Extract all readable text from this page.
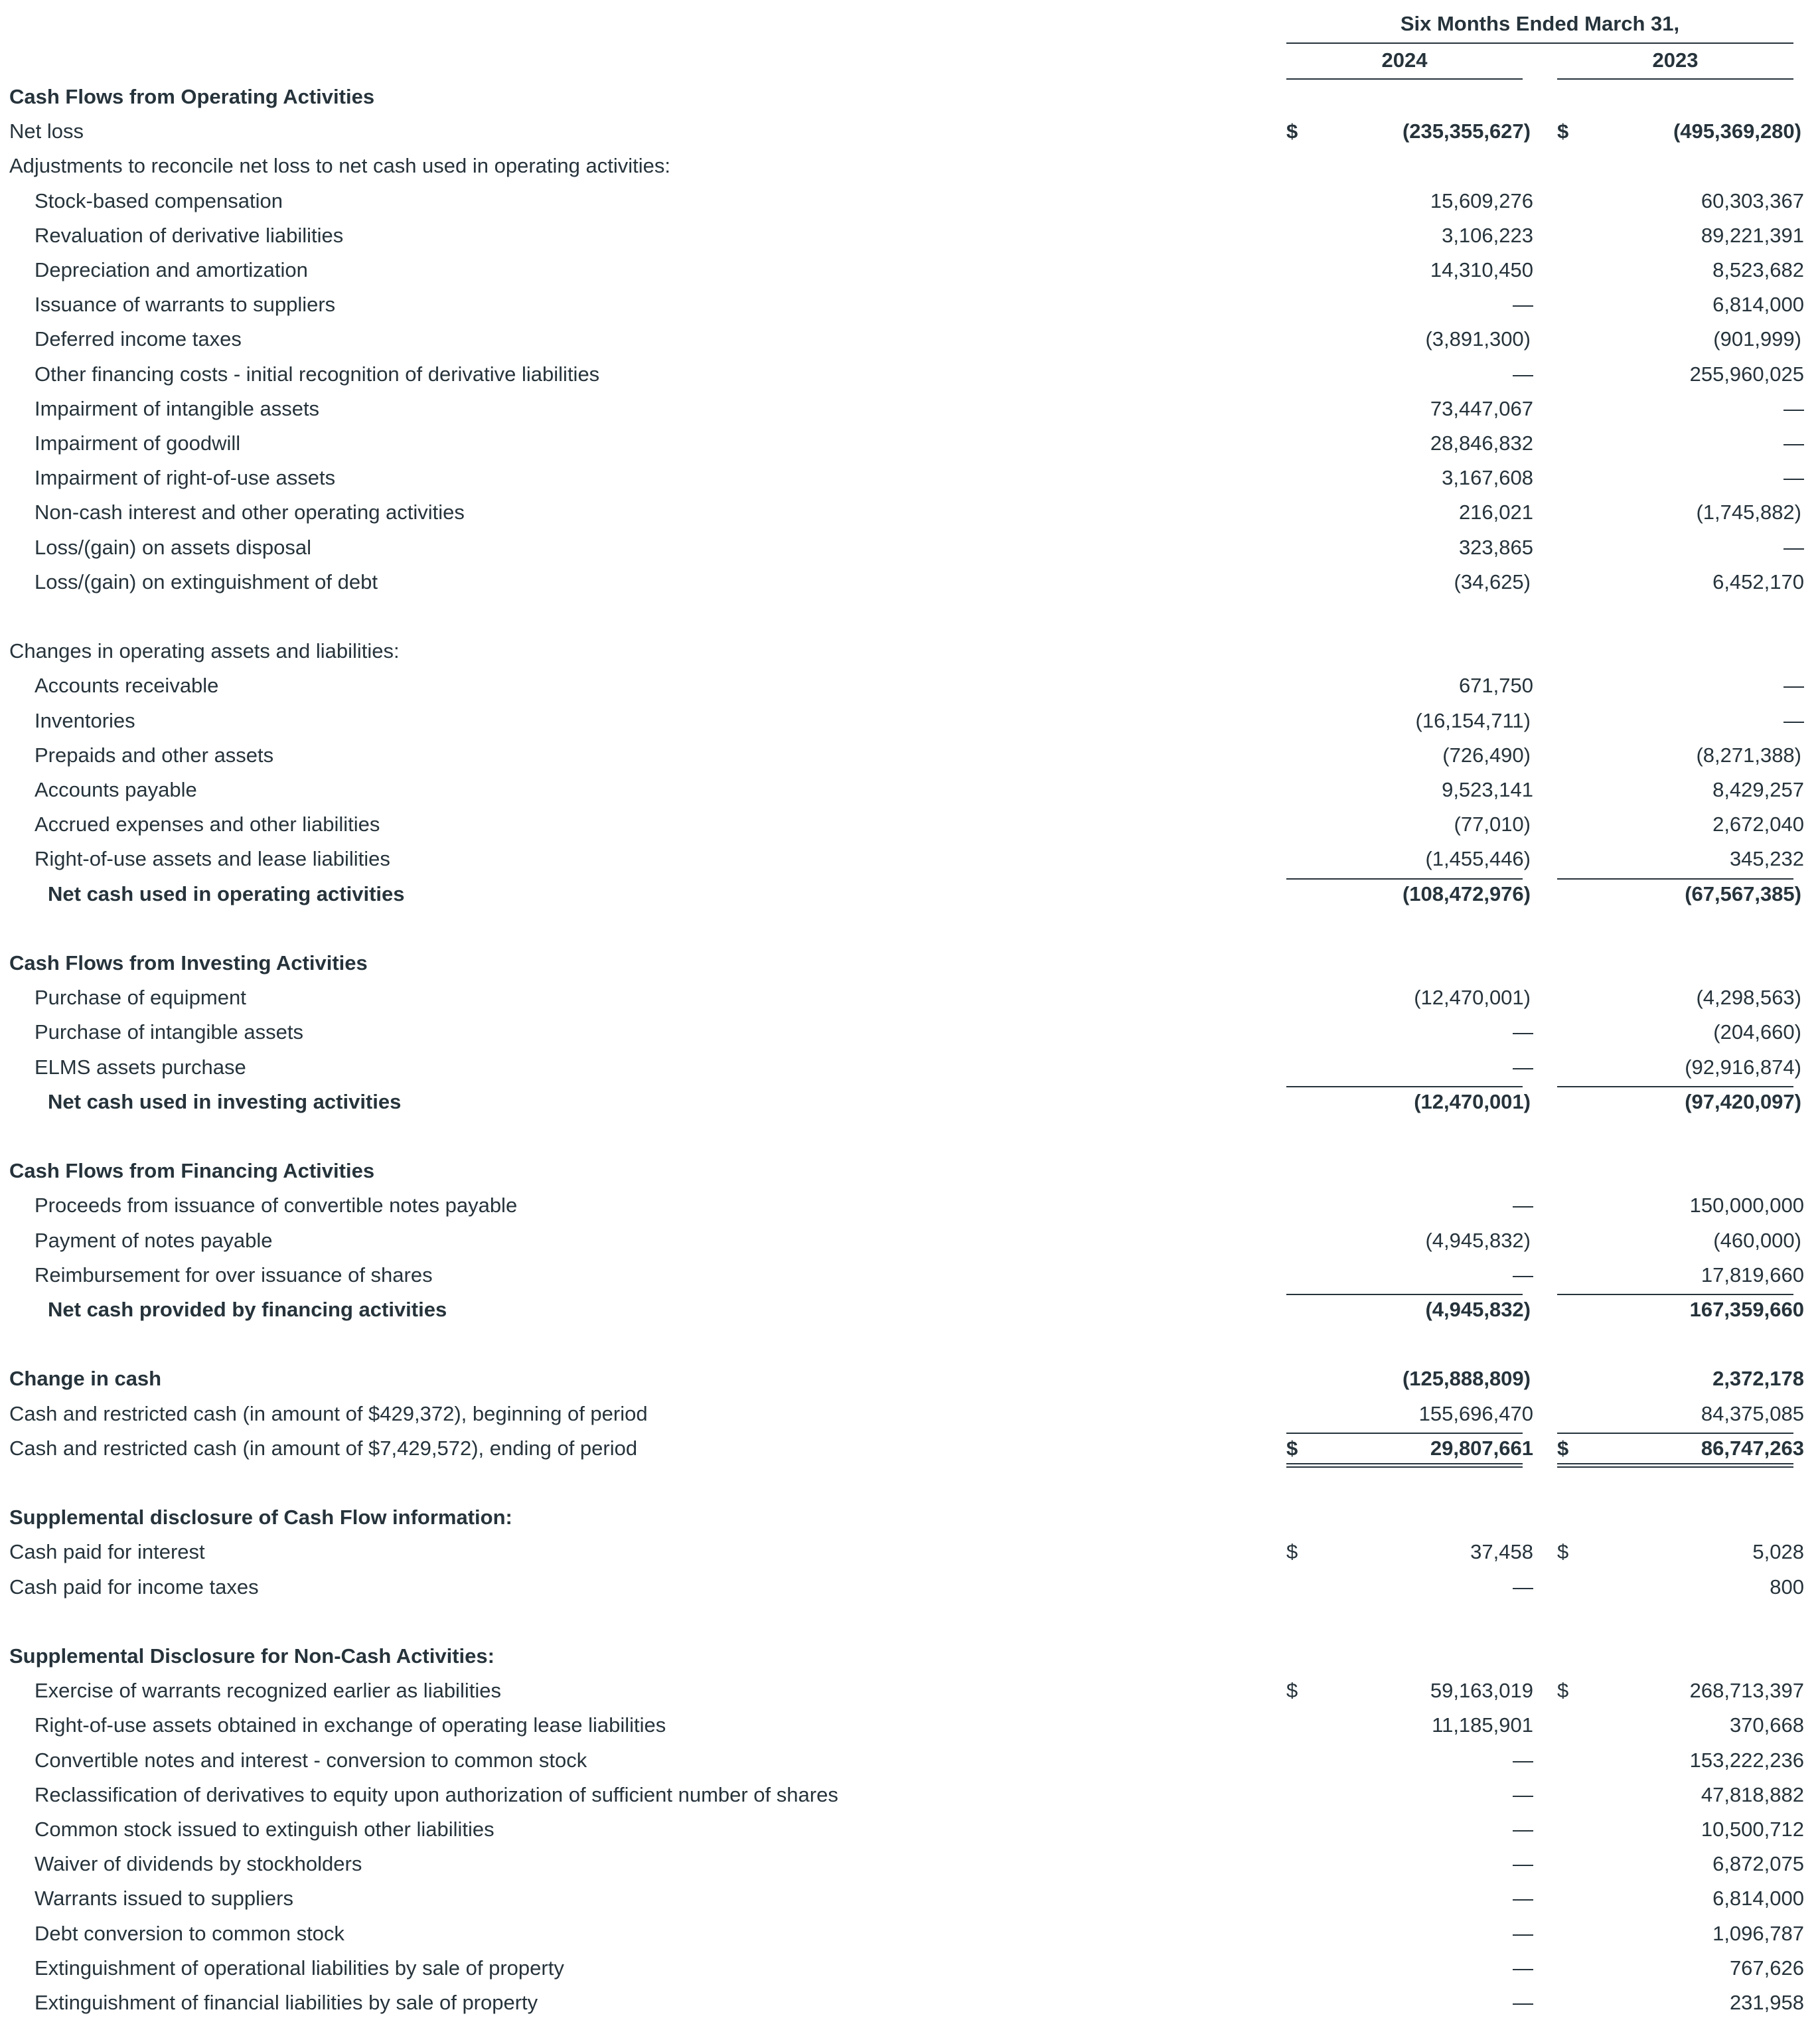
Six Months Ended March 31,
2024	2023
Cash Flows from Operating Activities
Net loss	$	(235,355,627) $	(495,369,280)
Adjustments to reconcile net loss to net cash used in operating activities:
Stock-based compensation	15,609,276	60,303,367
Revaluation of derivative liabilities	3,106,223	89,221,391
Depreciation and amortization	14,310,450	8,523,682
Issuance of warrants to suppliers	—	6,814,000
Deferred income taxes	(3,891,300)	(901,999)
Other financing costs - initial recognition of derivative liabilities	—	255,960,025
Impairment of intangible assets	73,447,067	—
Impairment of goodwill	28,846,832	—
Impairment of right-of-use assets	3,167,608	—
Non-cash interest and other operating activities	216,021	(1,745,882)
Loss/(gain) on assets disposal	323,865	—
Loss/(gain) on extinguishment of debt	(34,625)	6,452,170
Changes in operating assets and liabilities:
Accounts receivable	671,750	—
Inventories	(16,154,711)	—
Prepaids and other assets	(726,490)	(8,271,388)
Accounts payable	9,523,141	8,429,257
Accrued expenses and other liabilities	(77,010)	2,672,040
Right-of-use assets and lease liabilities	(1,455,446)	345,232
Net cash used in operating activities	(108,472,976)	(67,567,385)
Cash Flows from Investing Activities
Purchase of equipment	(12,470,001)	(4,298,563)
Purchase of intangible assets	—	(204,660)
ELMS assets purchase	—	(92,916,874)
Net cash used in investing activities	(12,470,001)	(97,420,097)
Cash Flows from Financing Activities
Proceeds from issuance of convertible notes payable	—	150,000,000
Payment of notes payable	(4,945,832)	(460,000)
Reimbursement for over issuance of shares	—	17,819,660
Net cash provided by financing activities	(4,945,832)	167,359,660
Change in cash	(125,888,809)	2,372,178
Cash and restricted cash (in amount of $429,372), beginning of period	155,696,470	84,375,085
Cash and restricted cash (in amount of $7,429,572), ending of period	$	29,807,661 $	86,747,263
Supplemental disclosure of Cash Flow information:
Cash paid for interest	$	37,458 $	5,028
Cash paid for income taxes	—	800
Supplemental Disclosure for Non-Cash Activities:
Exercise of warrants recognized earlier as liabilities	$	59,163,019 $	268,713,397
Right-of-use assets obtained in exchange of operating lease liabilities	11,185,901	370,668
Convertible notes and interest - conversion to common stock	—	153,222,236
Reclassification of derivatives to equity upon authorization of sufficient number of shares	—	47,818,882
Common stock issued to extinguish other liabilities	—	10,500,712
Waiver of dividends by stockholders	—	6,872,075
Warrants issued to suppliers	—	6,814,000
Debt conversion to common stock	—	1,096,787
Extinguishment of operational liabilities by sale of property	—	767,626
Extinguishment of financial liabilities by sale of property	—	231,958
